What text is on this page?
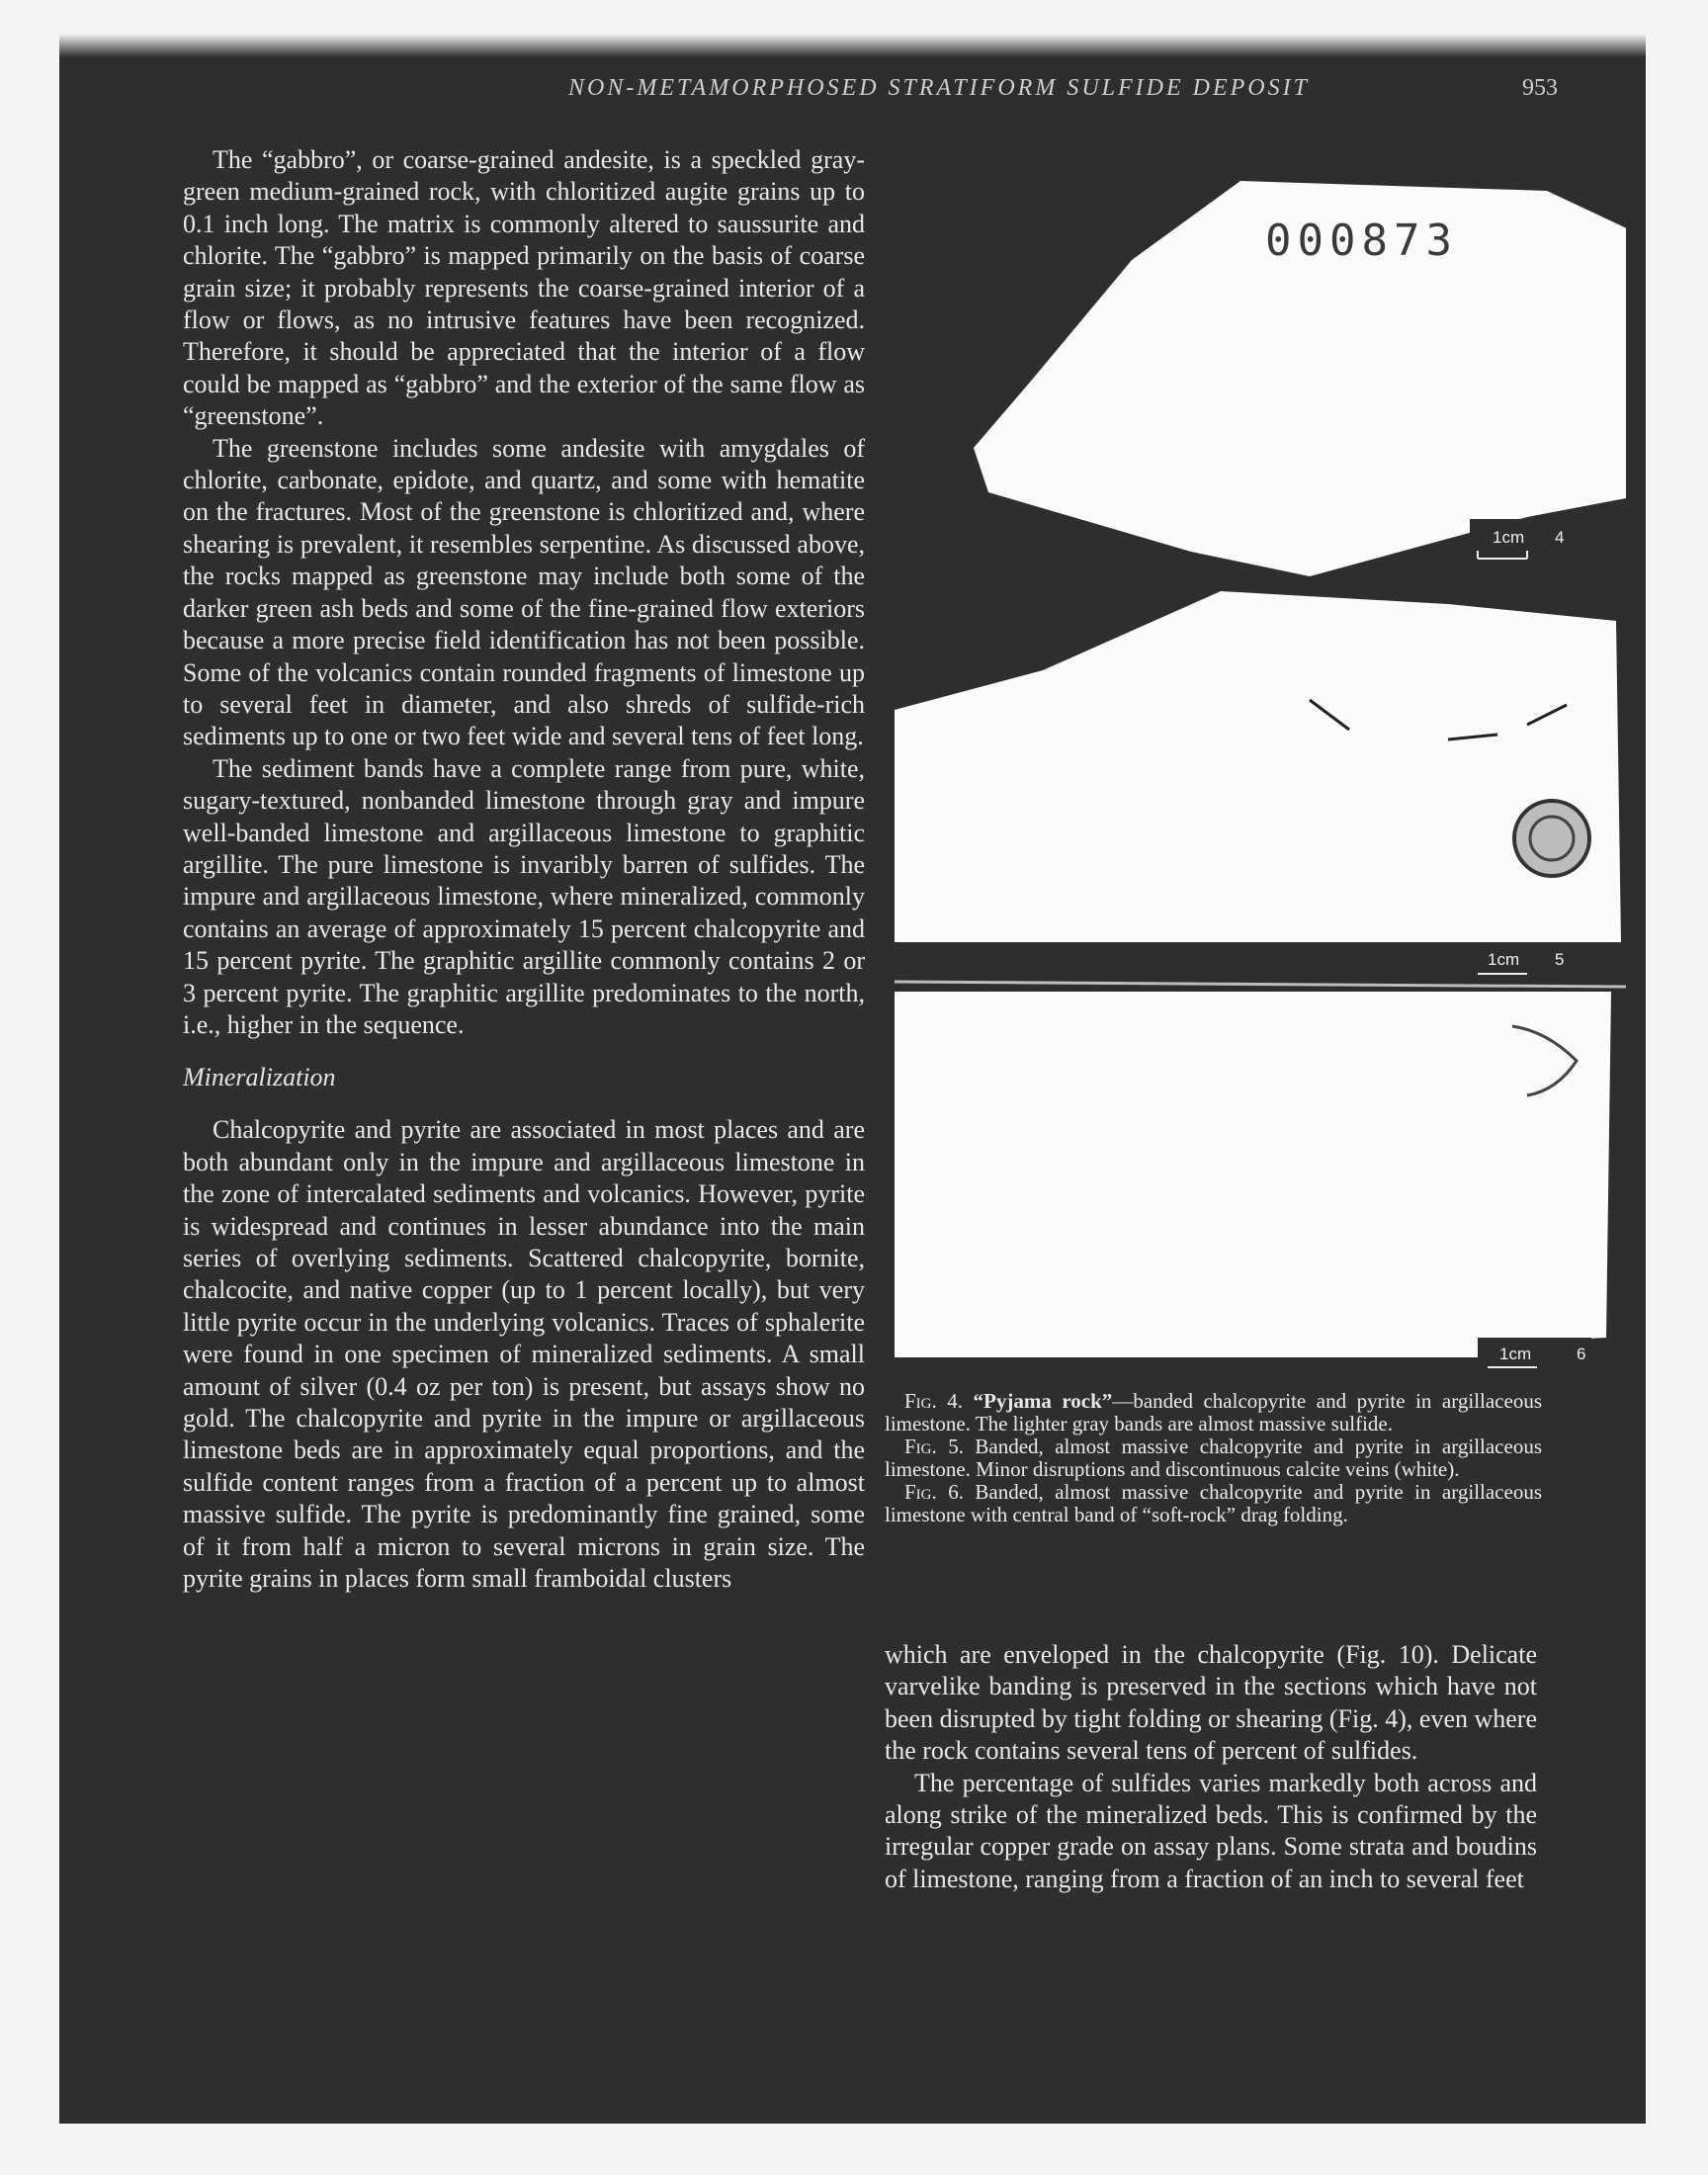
NON-METAMORPHOSED STRATIFORM SULFIDE DEPOSIT	953

The “gabbro”, or coarse-grained andesite, is a speckled gray-green medium-grained rock, with chloritized augite grains up to 0.1 inch long. The matrix is commonly altered to saussurite and chlorite. The “gabbro” is mapped primarily on the basis of coarse grain size; it probably represents the coarse-grained interior of a flow or flows, as no intrusive features have been recognized. Therefore, it should be appreciated that the interior of a flow could be mapped as “gabbro” and the exterior of the same flow as “greenstone”.

The greenstone includes some andesite with amygdales of chlorite, carbonate, epidote, and quartz, and some with hematite on the fractures. Most of the greenstone is chloritized and, where shearing is prevalent, it resembles serpentine. As discussed above, the rocks mapped as greenstone may include both some of the darker green ash beds and some of the fine-grained flow exteriors because a more precise field identification has not been possible. Some of the volcanics contain rounded fragments of limestone up to several feet in diameter, and also shreds of sulfide-rich sediments up to one or two feet wide and several tens of feet long.

The sediment bands have a complete range from pure, white, sugary-textured, nonbanded limestone through gray and impure well-banded limestone and argillaceous limestone to graphitic argillite. The pure limestone is invaribly barren of sulfides. The impure and argillaceous limestone, where mineralized, commonly contains an average of approximately 15 percent chalcopyrite and 15 percent pyrite. The graphitic argillite commonly contains 2 or 3 percent pyrite. The graphitic argillite predominates to the north, i.e., higher in the sequence.

Mineralization

Chalcopyrite and pyrite are associated in most places and are both abundant only in the impure and argillaceous limestone in the zone of intercalated sediments and volcanics. However, pyrite is widespread and continues in lesser abundance into the main series of overlying sediments. Scattered chalcopyrite, bornite, chalcocite, and native copper (up to 1 percent locally), but very little pyrite occur in the underlying volcanics. Traces of sphalerite were found in one specimen of mineralized sediments. A small amount of silver (0.4 oz per ton) is present, but assays show no gold. The chalcopyrite and pyrite in the impure or argillaceous limestone beds are in approximately equal proportions, and the sulfide content ranges from a fraction of a percent up to almost massive sulfide. The pyrite is predominantly fine grained, some of it from half a micron to several microns in grain size. The pyrite grains in places form small framboidal clusters

000873
1cm 4
1cm 5
1cm	6

Fig. 4. “Pyjama rock”—banded chalcopyrite and pyrite in argillaceous limestone. The lighter gray bands are almost massive sulfide.

Fig. 5. Banded, almost massive chalcopyrite and pyrite in argillaceous limestone. Minor disruptions and discontinuous calcite veins (white).

Fig. 6. Banded, almost massive chalcopyrite and pyrite in argillaceous limestone with central band of “soft-rock” drag folding.

which are enveloped in the chalcopyrite (Fig. 10). Delicate varvelike banding is preserved in the sections which have not been disrupted by tight folding or shearing (Fig. 4), even where the rock contains several tens of percent of sulfides.

The percentage of sulfides varies markedly both across and along strike of the mineralized beds. This is confirmed by the irregular copper grade on assay plans. Some strata and boudins of limestone, ranging from a fraction of an inch to several feet
